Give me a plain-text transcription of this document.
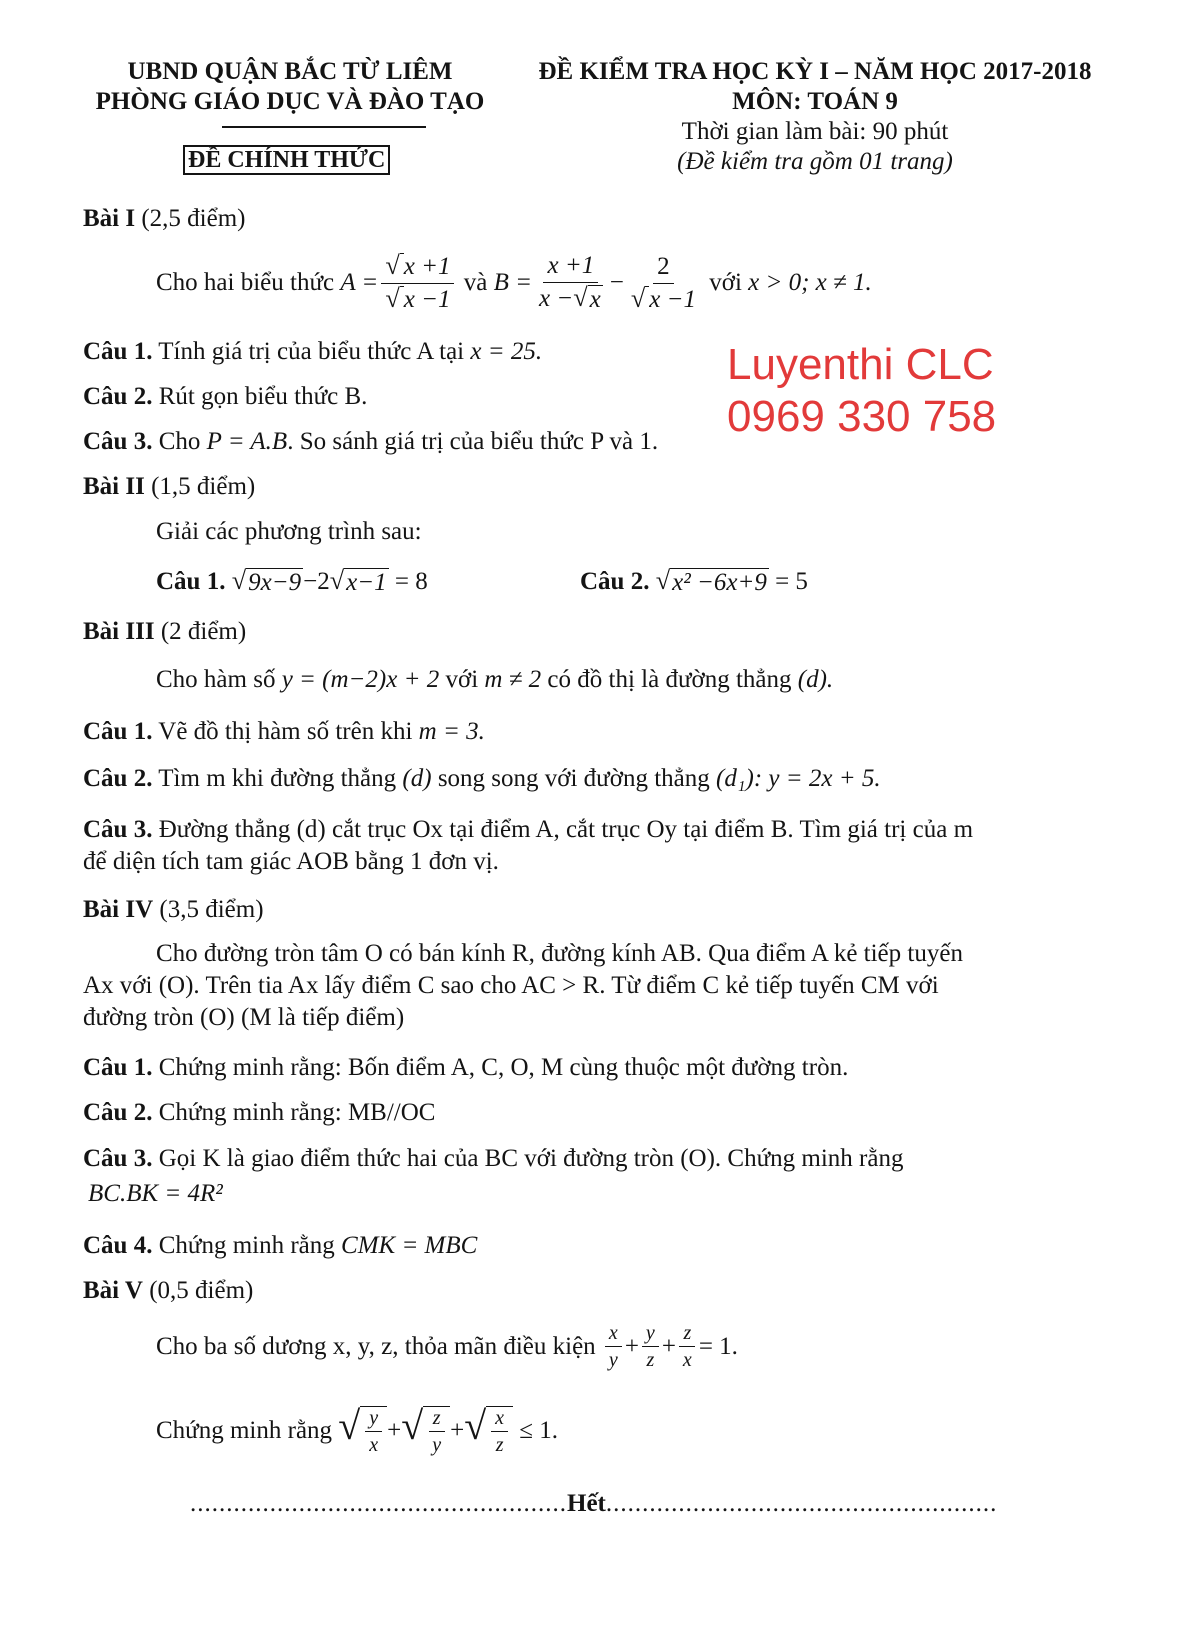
UBND QUẬN BẮC TỪ LIÊM
PHÒNG GIÁO DỤC VÀ ĐÀO TẠO
ĐỀ CHÍNH THỨC
ĐỀ KIỂM TRA HỌC KỲ I – NĂM HỌC 2017-2018
MÔN: TOÁN 9
Thời gian làm bài: 90 phút
(Đề kiểm tra gồm 01 trang)
Luyenthi CLC
0969 330 758
Bài I (2,5 điểm)
Cho hai biểu thức
$A = \frac{√ x +1}{√ x -1}$
và
$B = \frac{x +1}{x - √ x} - \frac{2}{√ x -1}$
với
x > 0; x ≠ 1.
Câu 1. Tính giá trị của biểu thức A tại x = 25.
Câu 2. Rút gọn biểu thức B.
Câu 3. Cho P = A.B. So sánh giá trị của biểu thức P và 1.
Bài II (1,5 điểm)
Giải các phương trình sau:
Câu 1. √ 9x−9 −2 √ x−1 = 8	Câu 2. √ x² −6x+9 = 5
Bài III (2 điểm)
Cho hàm số y = (m−2)x + 2 với m ≠ 2 có đồ thị là đường thẳng (d).
Câu 1. Vẽ đồ thị hàm số trên khi m = 3.
Câu 2. Tìm m khi đường thẳng (d) song song với đường thẳng (d₁): y = 2x + 5.
Câu 3. Đường thẳng (d) cắt trục Ox tại điểm A, cắt trục Oy tại điểm B. Tìm giá trị của m
để diện tích tam giác AOB bằng 1 đơn vị.
Bài IV (3,5 điểm)
Cho đường tròn tâm O có bán kính R, đường kính AB. Qua điểm A kẻ tiếp tuyến
Ax với (O). Trên tia Ax lấy điểm C sao cho AC > R. Từ điểm C kẻ tiếp tuyến CM với
đường tròn (O) (M là tiếp điểm)
Câu 1. Chứng minh rằng: Bốn điểm A, C, O, M cùng thuộc một đường tròn.
Câu 2. Chứng minh rằng: MB//OC
Câu 3. Gọi K là giao điểm thức hai của BC với đường tròn (O). Chứng minh rằng
BC.BK = 4R²
Câu 4. Chứng minh rằng CMK = MBC
Bài V (0,5 điểm)
Cho ba số dương x, y, z, thỏa mãn điều kiện
$\frac{x}{y} + \frac{y}{z} + \frac{z}{x} = 1$.
Chứng minh rằng
√ $\frac{y}{x}$ + √ $\frac{z}{y}$ + √ $\frac{x}{z}$
≤ 1.
....................................................Hết......................................................
